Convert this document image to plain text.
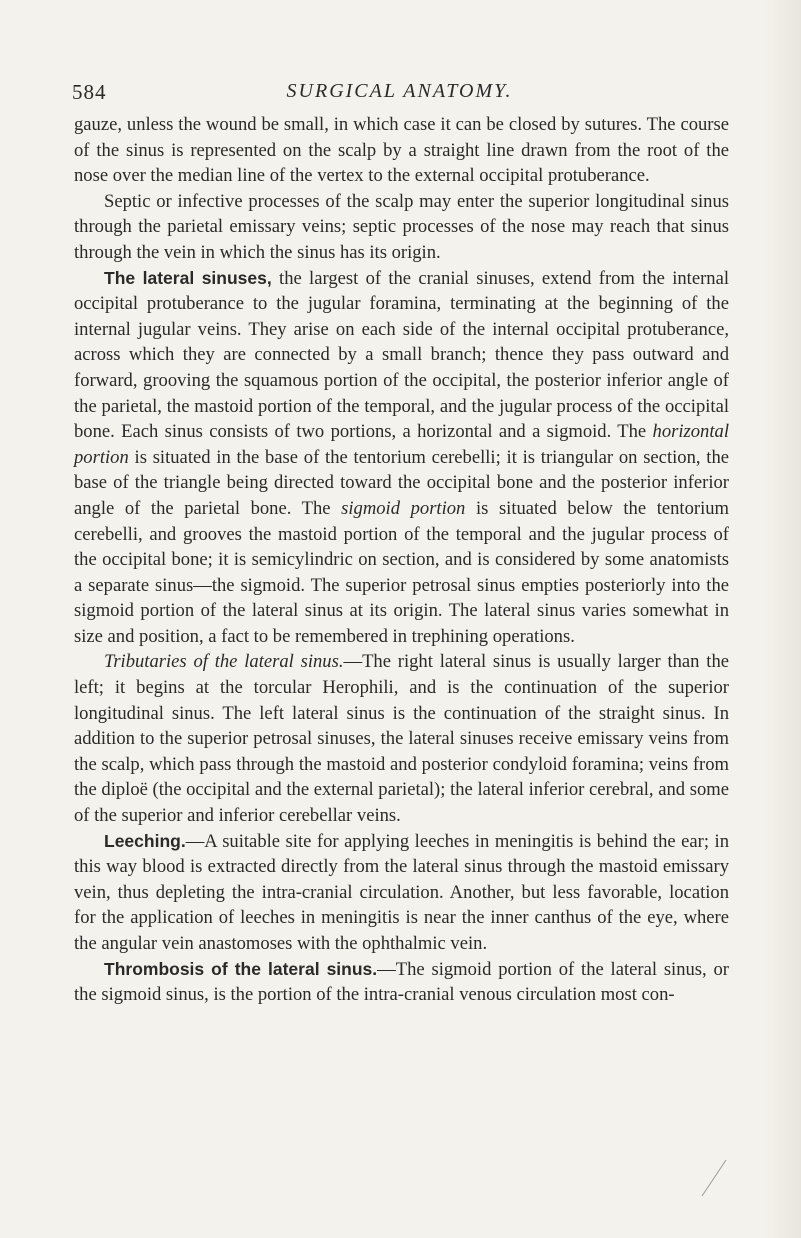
584	SURGICAL ANATOMY.

gauze, unless the wound be small, in which case it can be closed by sutures. The course of the sinus is represented on the scalp by a straight line drawn from the root of the nose over the median line of the vertex to the external occipital protuberance.

Septic or infective processes of the scalp may enter the superior longitudinal sinus through the parietal emissary veins; septic processes of the nose may reach that sinus through the vein in which the sinus has its origin.

The lateral sinuses, the largest of the cranial sinuses, extend from the internal occipital protuberance to the jugular foramina, terminating at the beginning of the internal jugular veins. They arise on each side of the internal occipital protuberance, across which they are connected by a small branch; thence they pass outward and forward, grooving the squamous portion of the occipital, the posterior inferior angle of the parietal, the mastoid portion of the temporal, and the jugular process of the occipital bone. Each sinus consists of two portions, a horizontal and a sigmoid. The horizontal portion is situated in the base of the tentorium cerebelli; it is triangular on section, the base of the triangle being directed toward the occipital bone and the posterior inferior angle of the parietal bone. The sigmoid portion is situated below the tentorium cerebelli, and grooves the mastoid portion of the temporal and the jugular process of the occipital bone; it is semicylindric on section, and is considered by some anatomists a separate sinus—the sigmoid. The superior petrosal sinus empties posteriorly into the sigmoid portion of the lateral sinus at its origin. The lateral sinus varies somewhat in size and position, a fact to be remembered in trephining operations.

Tributaries of the lateral sinus.—The right lateral sinus is usually larger than the left; it begins at the torcular Herophili, and is the continuation of the superior longitudinal sinus. The left lateral sinus is the continuation of the straight sinus. In addition to the superior petrosal sinuses, the lateral sinuses receive emissary veins from the scalp, which pass through the mastoid and posterior condyloid foramina; veins from the diploë (the occipital and the external parietal); the lateral inferior cerebral, and some of the superior and inferior cerebellar veins.

Leeching.—A suitable site for applying leeches in meningitis is behind the ear; in this way blood is extracted directly from the lateral sinus through the mastoid emissary vein, thus depleting the intra-cranial circulation. Another, but less favorable, location for the application of leeches in meningitis is near the inner canthus of the eye, where the angular vein anastomoses with the ophthalmic vein.

Thrombosis of the lateral sinus.—The sigmoid portion of the lateral sinus, or the sigmoid sinus, is the portion of the intra-cranial venous circulation most con-
